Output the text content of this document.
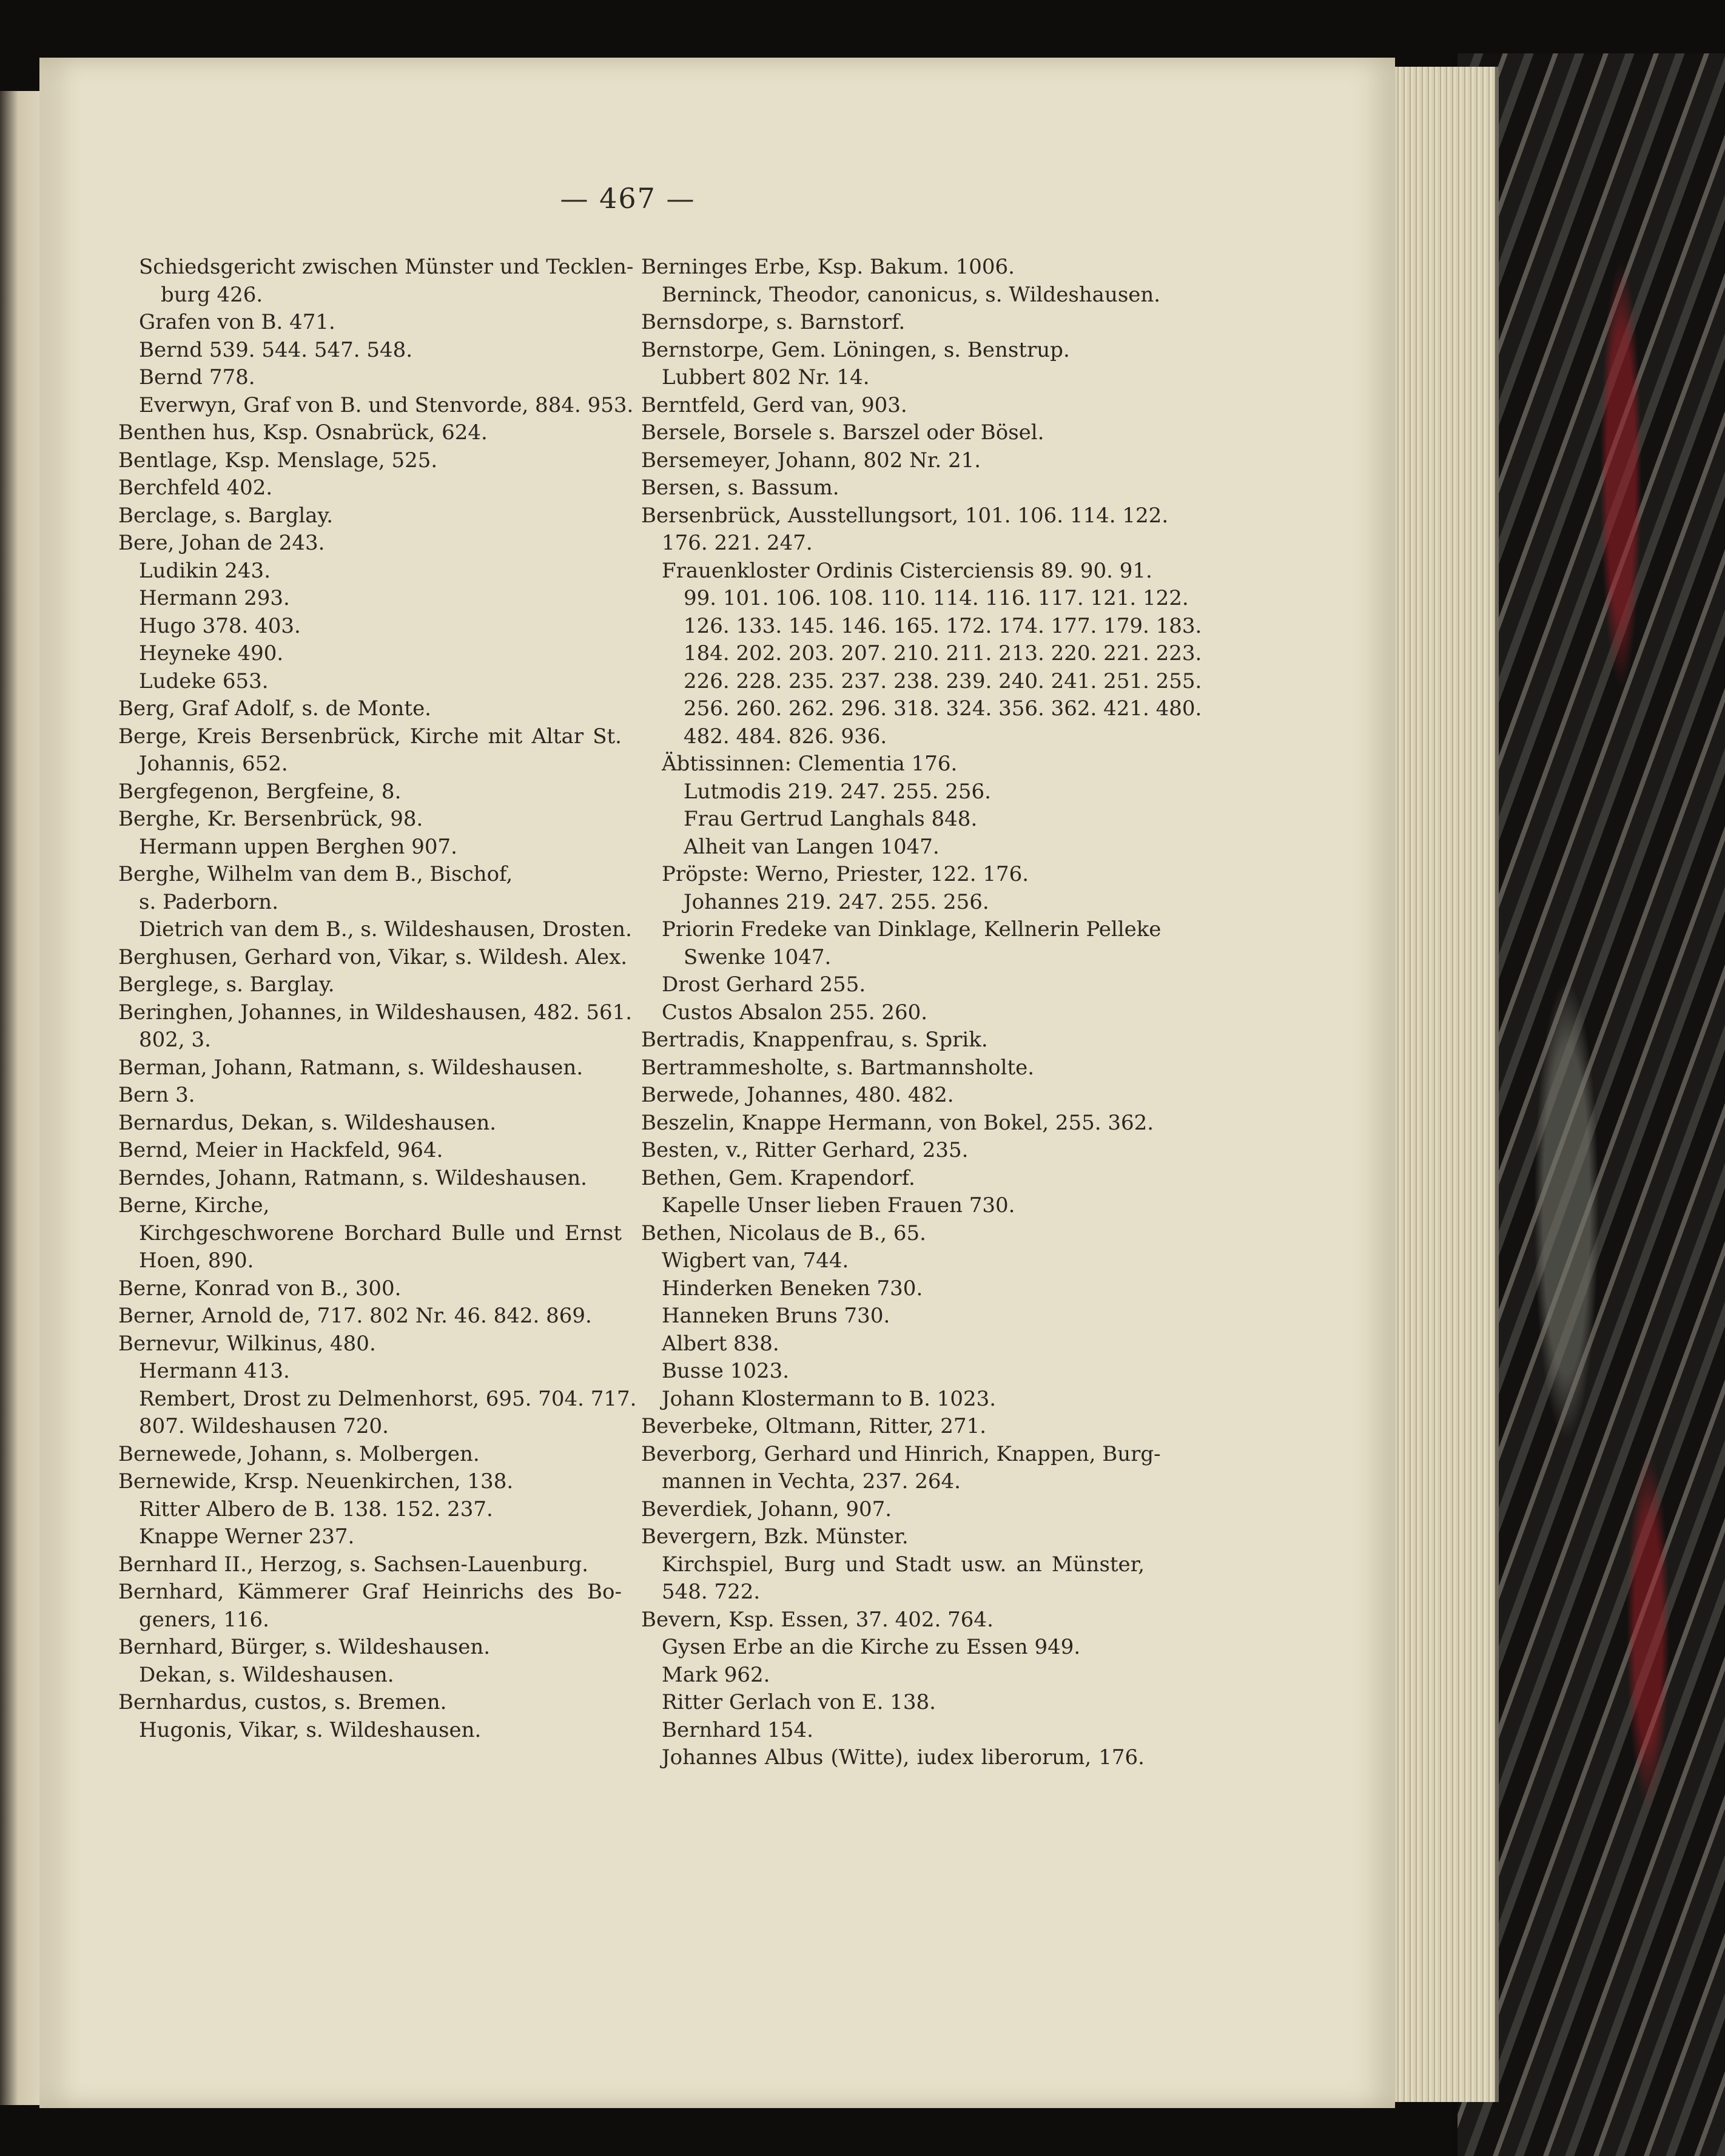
— 467 —
Schiedsgericht zwischen Münster und Tecklen-
burg 426.
Grafen von B. 471.
Bernd 539. 544. 547. 548.
Bernd 778.
Everwyn, Graf von B. und Stenvorde, 884. 953.
Benthen hus, Ksp. Osnabrück, 624.
Bentlage, Ksp. Menslage, 525.
Berchfeld 402.
Berclage, s. Barglay.
Bere, Johan de 243.
Ludikin 243.
Hermann 293.
Hugo 378. 403.
Heyneke 490.
Ludeke 653.
Berg, Graf Adolf, s. de Monte.
Berge, Kreis Bersenbrück, Kirche mit Altar St.
Johannis, 652.
Bergfegenon, Bergfeine, 8.
Berghe, Kr. Bersenbrück, 98.
Hermann uppen Berghen 907.
Berghe, Wilhelm van dem B., Bischof,
s. Paderborn.
Dietrich van dem B., s. Wildeshausen, Drosten.
Berghusen, Gerhard von, Vikar, s. Wildesh. Alex.
Berglege, s. Barglay.
Beringhen, Johannes, in Wildeshausen, 482. 561.
802, 3.
Berman, Johann, Ratmann, s. Wildeshausen.
Bern 3.
Bernardus, Dekan, s. Wildeshausen.
Bernd, Meier in Hackfeld, 964.
Berndes, Johann, Ratmann, s. Wildeshausen.
Berne, Kirche,
Kirchgeschworene Borchard Bulle und Ernst
Hoen, 890.
Berne, Konrad von B., 300.
Berner, Arnold de, 717. 802 Nr. 46. 842. 869.
Bernevur, Wilkinus, 480.
Hermann 413.
Rembert, Drost zu Delmenhorst, 695. 704. 717.
807. Wildeshausen 720.
Bernewede, Johann, s. Molbergen.
Bernewide, Krsp. Neuenkirchen, 138.
Ritter Albero de B. 138. 152. 237.
Knappe Werner 237.
Bernhard II., Herzog, s. Sachsen-Lauenburg.
Bernhard, Kämmerer Graf Heinrichs des Bo-
geners, 116.
Bernhard, Bürger, s. Wildeshausen.
Dekan, s. Wildeshausen.
Bernhardus, custos, s. Bremen.
Hugonis, Vikar, s. Wildeshausen.
Berninges Erbe, Ksp. Bakum. 1006.
Berninck, Theodor, canonicus, s. Wildeshausen.
Bernsdorpe, s. Barnstorf.
Bernstorpe, Gem. Löningen, s. Benstrup.
Lubbert 802 Nr. 14.
Berntfeld, Gerd van, 903.
Bersele, Borsele s. Barszel oder Bösel.
Bersemeyer, Johann, 802 Nr. 21.
Bersen, s. Bassum.
Bersenbrück, Ausstellungsort, 101. 106. 114. 122.
176. 221. 247.
Frauenkloster Ordinis Cisterciensis 89. 90. 91.
99. 101. 106. 108. 110. 114. 116. 117. 121. 122.
126. 133. 145. 146. 165. 172. 174. 177. 179. 183.
184. 202. 203. 207. 210. 211. 213. 220. 221. 223.
226. 228. 235. 237. 238. 239. 240. 241. 251. 255.
256. 260. 262. 296. 318. 324. 356. 362. 421. 480.
482. 484. 826. 936.
Äbtissinnen: Clementia 176.
Lutmodis 219. 247. 255. 256.
Frau Gertrud Langhals 848.
Alheit van Langen 1047.
Pröpste: Werno, Priester, 122. 176.
Johannes 219. 247. 255. 256.
Priorin Fredeke van Dinklage, Kellnerin Pelleke
Swenke 1047.
Drost Gerhard 255.
Custos Absalon 255. 260.
Bertradis, Knappenfrau, s. Sprik.
Bertrammesholte, s. Bartmannsholte.
Berwede, Johannes, 480. 482.
Beszelin, Knappe Hermann, von Bokel, 255. 362.
Besten, v., Ritter Gerhard, 235.
Bethen, Gem. Krapendorf.
Kapelle Unser lieben Frauen 730.
Bethen, Nicolaus de B., 65.
Wigbert van, 744.
Hinderken Beneken 730.
Hanneken Bruns 730.
Albert 838.
Busse 1023.
Johann Klostermann to B. 1023.
Beverbeke, Oltmann, Ritter, 271.
Beverborg, Gerhard und Hinrich, Knappen, Burg-
mannen in Vechta, 237. 264.
Beverdiek, Johann, 907.
Bevergern, Bzk. Münster.
Kirchspiel, Burg und Stadt usw. an Münster,
548. 722.
Bevern, Ksp. Essen, 37. 402. 764.
Gysen Erbe an die Kirche zu Essen 949.
Mark 962.
Ritter Gerlach von E. 138.
Bernhard 154.
Johannes Albus (Witte), iudex liberorum, 176.
